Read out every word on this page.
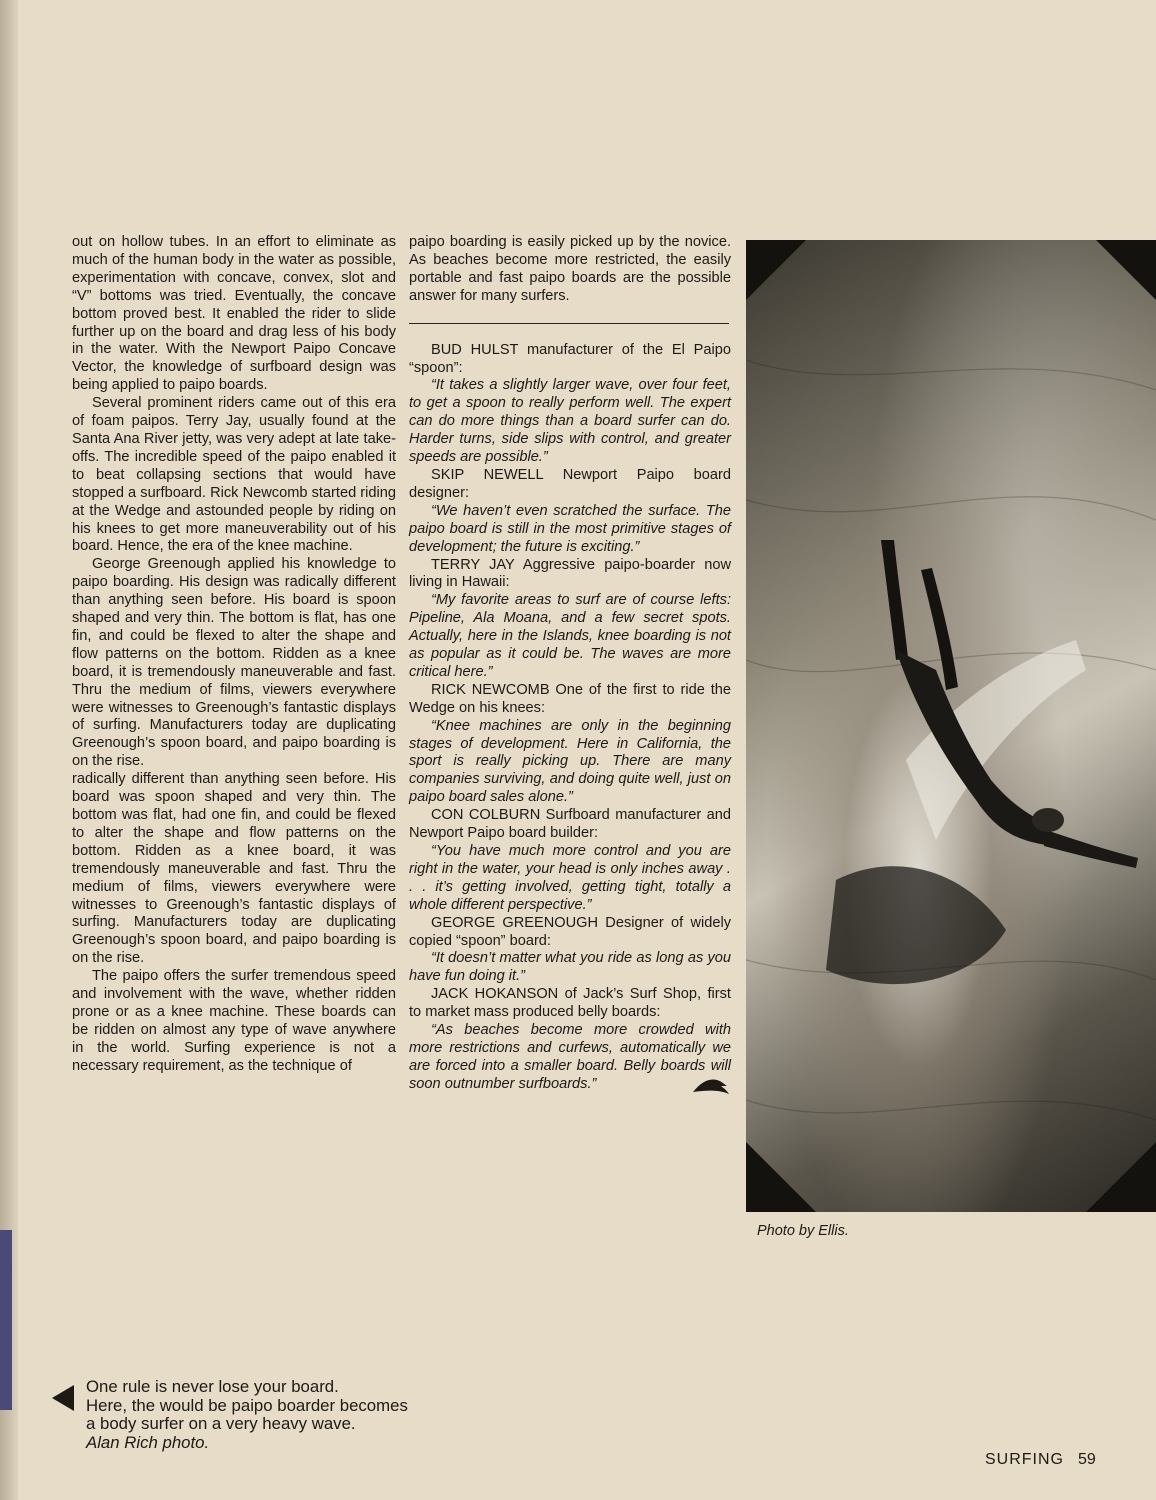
out on hollow tubes. In an effort to eliminate as much of the human body in the water as possible, experimentation with concave, convex, slot and “V” bottoms was tried. Eventually, the concave bottom proved best. It enabled the rider to slide further up on the board and drag less of his body in the water. With the Newport Paipo Concave Vector, the knowledge of surfboard design was being applied to paipo boards.

Several prominent riders came out of this era of foam paipos. Terry Jay, usually found at the Santa Ana River jetty, was very adept at late take-offs. The incredible speed of the paipo enabled it to beat collapsing sections that would have stopped a surfboard. Rick Newcomb started riding at the Wedge and astounded people by riding on his knees to get more maneuverability out of his board. Hence, the era of the knee machine.

George Greenough applied his knowledge to paipo boarding. His design was radically different than anything seen before. His board is spoon shaped and very thin. The bottom is flat, has one fin, and could be flexed to alter the shape and flow patterns on the bottom. Ridden as a knee board, it is tremendously maneuverable and fast. Thru the medium of films, viewers everywhere were witnesses to Greenough’s fantastic displays of surfing. Manufacturers today are duplicating Greenough’s spoon board, and paipo boarding is on the rise.

radically different than anything seen before. His board was spoon shaped and very thin. The bottom was flat, had one fin, and could be flexed to alter the shape and flow patterns on the bottom. Ridden as a knee board, it was tremendously maneuverable and fast. Thru the medium of films, viewers everywhere were witnesses to Greenough’s fantastic displays of surfing. Manufacturers today are duplicating Greenough’s spoon board, and paipo boarding is on the rise.

The paipo offers the surfer tremendous speed and involvement with the wave, whether ridden prone or as a knee machine. These boards can be ridden on almost any type of wave anywhere in the world. Surfing experience is not a necessary requirement, as the technique of

paipo boarding is easily picked up by the novice. As beaches become more restricted, the easily portable and fast paipo boards are the possible answer for many surfers.

BUD HULST manufacturer of the El Paipo “spoon”:

“It takes a slightly larger wave, over four feet, to get a spoon to really perform well. The expert can do more things than a board surfer can do. Harder turns, side slips with control, and greater speeds are possible.”

SKIP NEWELL Newport Paipo board designer:

“We haven’t even scratched the surface. The paipo board is still in the most primitive stages of development; the future is exciting.”

TERRY JAY Aggressive paipo-boarder now living in Hawaii:

“My favorite areas to surf are of course lefts: Pipeline, Ala Moana, and a few secret spots. Actually, here in the Islands, knee boarding is not as popular as it could be. The waves are more critical here.”

RICK NEWCOMB One of the first to ride the Wedge on his knees:

“Knee machines are only in the beginning stages of development. Here in California, the sport is really picking up. There are many companies surviving, and doing quite well, just on paipo board sales alone.”

CON COLBURN Surfboard manufacturer and Newport Paipo board builder:

“You have much more control and you are right in the water, your head is only inches away . . . it’s getting involved, getting tight, totally a whole different perspective.”

GEORGE GREENOUGH Designer of widely copied “spoon” board:

“It doesn’t matter what you ride as long as you have fun doing it.”

JACK HOKANSON of Jack’s Surf Shop, first to market mass produced belly boards:

“As beaches become more crowded with more restrictions and curfews, automatically we are forced into a smaller board. Belly boards will soon outnumber surfboards.”

Photo by Ellis.
One rule is never lose your board.
Here, the would be paipo boarder becomes
a body surfer on a very heavy wave.
Alan Rich photo.
SURFING 59
